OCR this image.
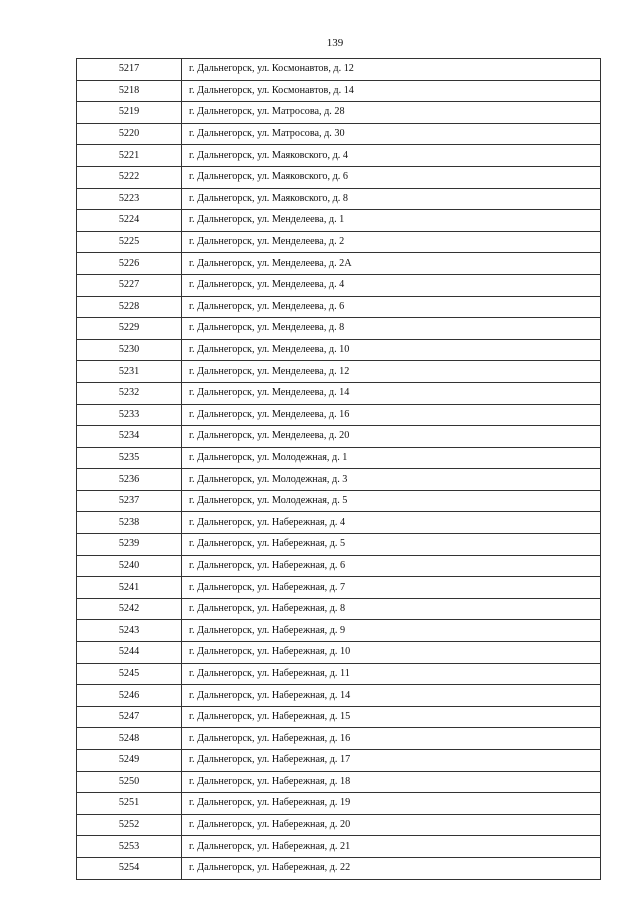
139
5217	г. Дальнегорск, ул. Космонавтов, д. 12
5218	г. Дальнегорск, ул. Космонавтов, д. 14
5219	г. Дальнегорск, ул. Матросова, д. 28
5220	г. Дальнегорск, ул. Матросова, д. 30
5221	г. Дальнегорск, ул. Маяковского, д. 4
5222	г. Дальнегорск, ул. Маяковского, д. 6
5223	г. Дальнегорск, ул. Маяковского, д. 8
5224	г. Дальнегорск, ул. Менделеева, д. 1
5225	г. Дальнегорск, ул. Менделеева, д. 2
5226	г. Дальнегорск, ул. Менделеева, д. 2А
5227	г. Дальнегорск, ул. Менделеева, д. 4
5228	г. Дальнегорск, ул. Менделеева, д. 6
5229	г. Дальнегорск, ул. Менделеева, д. 8
5230	г. Дальнегорск, ул. Менделеева, д. 10
5231	г. Дальнегорск, ул. Менделеева, д. 12
5232	г. Дальнегорск, ул. Менделеева, д. 14
5233	г. Дальнегорск, ул. Менделеева, д. 16
5234	г. Дальнегорск, ул. Менделеева, д. 20
5235	г. Дальнегорск, ул. Молодежная, д. 1
5236	г. Дальнегорск, ул. Молодежная, д. 3
5237	г. Дальнегорск, ул. Молодежная, д. 5
5238	г. Дальнегорск, ул. Набережная, д. 4
5239	г. Дальнегорск, ул. Набережная, д. 5
5240	г. Дальнегорск, ул. Набережная, д. 6
5241	г. Дальнегорск, ул. Набережная, д. 7
5242	г. Дальнегорск, ул. Набережная, д. 8
5243	г. Дальнегорск, ул. Набережная, д. 9
5244	г. Дальнегорск, ул. Набережная, д. 10
5245	г. Дальнегорск, ул. Набережная, д. 11
5246	г. Дальнегорск, ул. Набережная, д. 14
5247	г. Дальнегорск, ул. Набережная, д. 15
5248	г. Дальнегорск, ул. Набережная, д. 16
5249	г. Дальнегорск, ул. Набережная, д. 17
5250	г. Дальнегорск, ул. Набережная, д. 18
5251	г. Дальнегорск, ул. Набережная, д. 19
5252	г. Дальнегорск, ул. Набережная, д. 20
5253	г. Дальнегорск, ул. Набережная, д. 21
5254	г. Дальнегорск, ул. Набережная, д. 22
